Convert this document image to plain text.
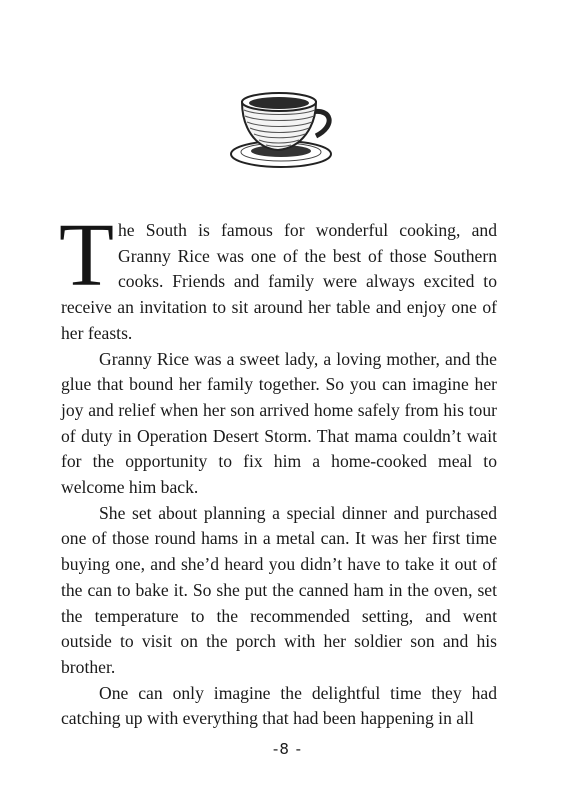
The South is famous for wonderful cooking, and Granny Rice was one of the best of those Southern cooks. Friends and family were always excited to receive an invitation to sit around her table and enjoy one of her feasts.

Granny Rice was a sweet lady, a loving mother, and the glue that bound her family together. So you can imagine her joy and relief when her son arrived home safely from his tour of duty in Operation Desert Storm. That mama couldn’t wait for the opportunity to fix him a home-cooked meal to welcome him back.

She set about planning a special dinner and purchased one of those round hams in a metal can. It was her first time buying one, and she’d heard you didn’t have to take it out of the can to bake it. So she put the canned ham in the oven, set the temperature to the recommended setting, and went outside to visit on the porch with her soldier son and his brother.

One can only imagine the delightful time they had catching up with everything that had been happening in all

-8 -
